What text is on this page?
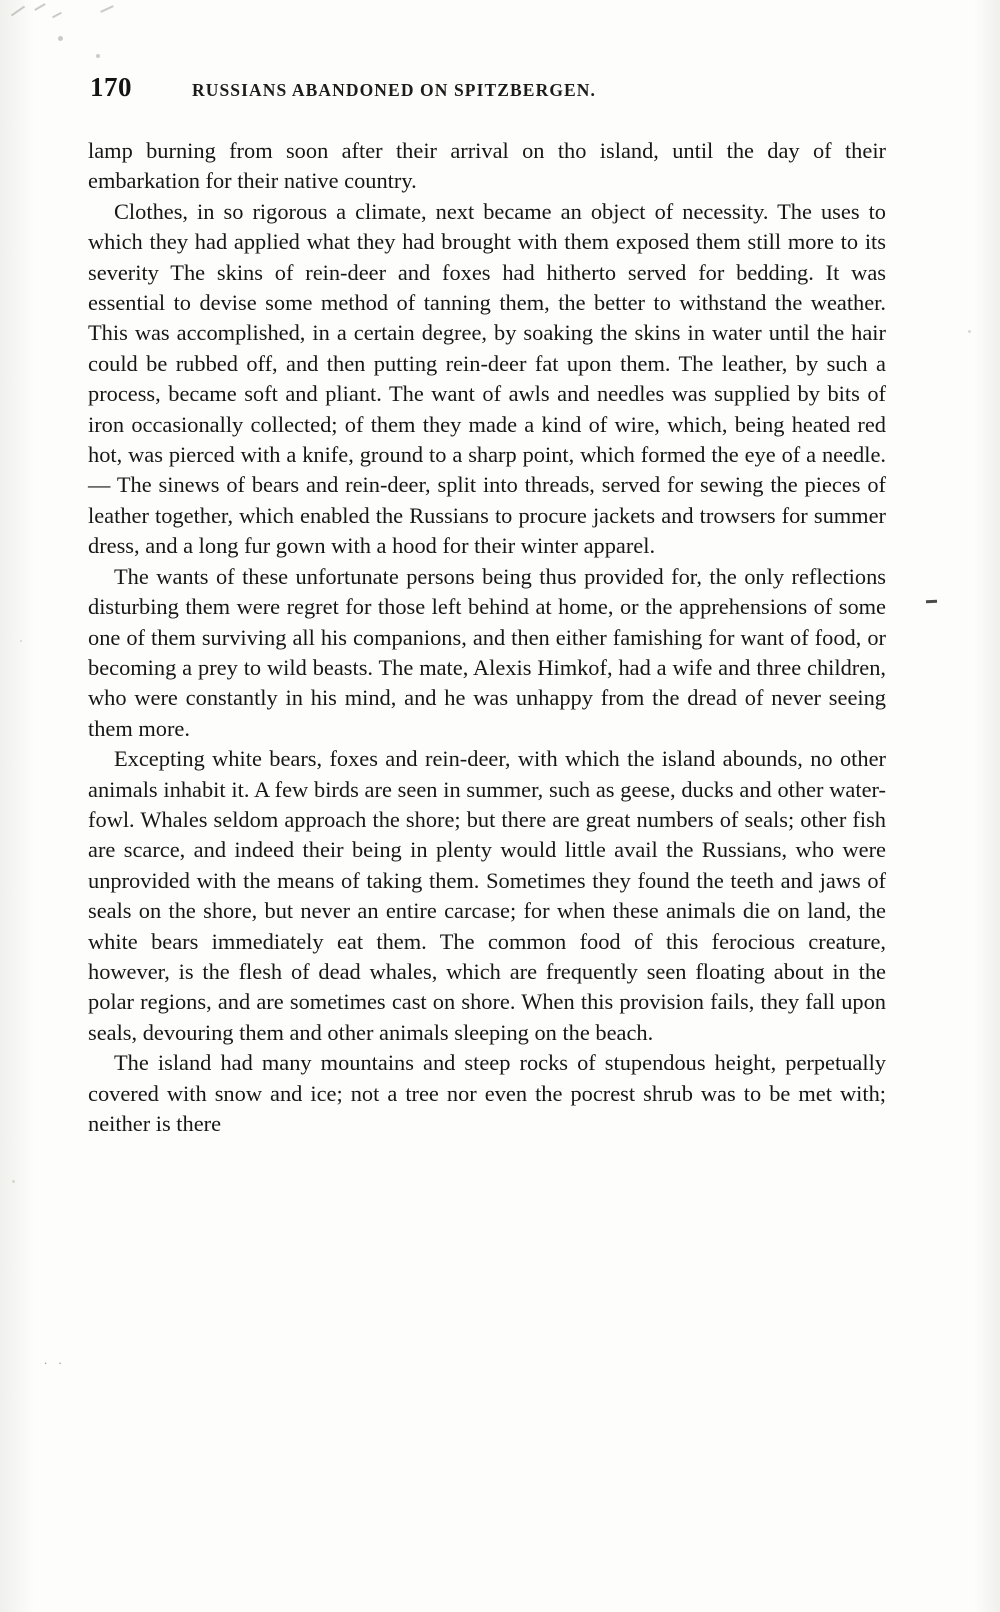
170	RUSSIANS ABANDONED ON SPITZBERGEN.

lamp burning from soon after their arrival on tho island, until the day of their embarkation for their native country.

Clothes, in so rigorous a climate, next became an object of necessity. The uses to which they had applied what they had brought with them exposed them still more to its severity The skins of rein-deer and foxes had hitherto served for bedding. It was essential to devise some method of tanning them, the better to withstand the weather. This was accomplished, in a certain degree, by soaking the skins in water until the hair could be rubbed off, and then putting rein-deer fat upon them. The leather, by such a process, became soft and pliant. The want of awls and needles was supplied by bits of iron occasionally collected; of them they made a kind of wire, which, being heated red hot, was pierced with a knife, ground to a sharp point, which formed the eye of a needle.— The sinews of bears and rein-deer, split into threads, served for sewing the pieces of leather together, which enabled the Russians to procure jackets and trowsers for summer dress, and a long fur gown with a hood for their winter apparel.

The wants of these unfortunate persons being thus provided for, the only reflections disturbing them were regret for those left behind at home, or the apprehensions of some one of them surviving all his companions, and then either famishing for want of food, or becoming a prey to wild beasts. The mate, Alexis Himkof, had a wife and three children, who were constantly in his mind, and he was unhappy from the dread of never seeing them more.

Excepting white bears, foxes and rein-deer, with which the island abounds, no other animals inhabit it. A few birds are seen in summer, such as geese, ducks and other water-fowl. Whales seldom approach the shore; but there are great numbers of seals; other fish are scarce, and indeed their being in plenty would little avail the Russians, who were unprovided with the means of taking them. Sometimes they found the teeth and jaws of seals on the shore, but never an entire carcase; for when these animals die on land, the white bears immediately eat them. The common food of this ferocious creature, however, is the flesh of dead whales, which are frequently seen floating about in the polar regions, and are sometimes cast on shore. When this provision fails, they fall upon seals, devouring them and other animals sleeping on the beach.

The island had many mountains and steep rocks of stupendous height, perpetually covered with snow and ice; not a tree nor even the pocrest shrub was to be met with; neither is there

. .
